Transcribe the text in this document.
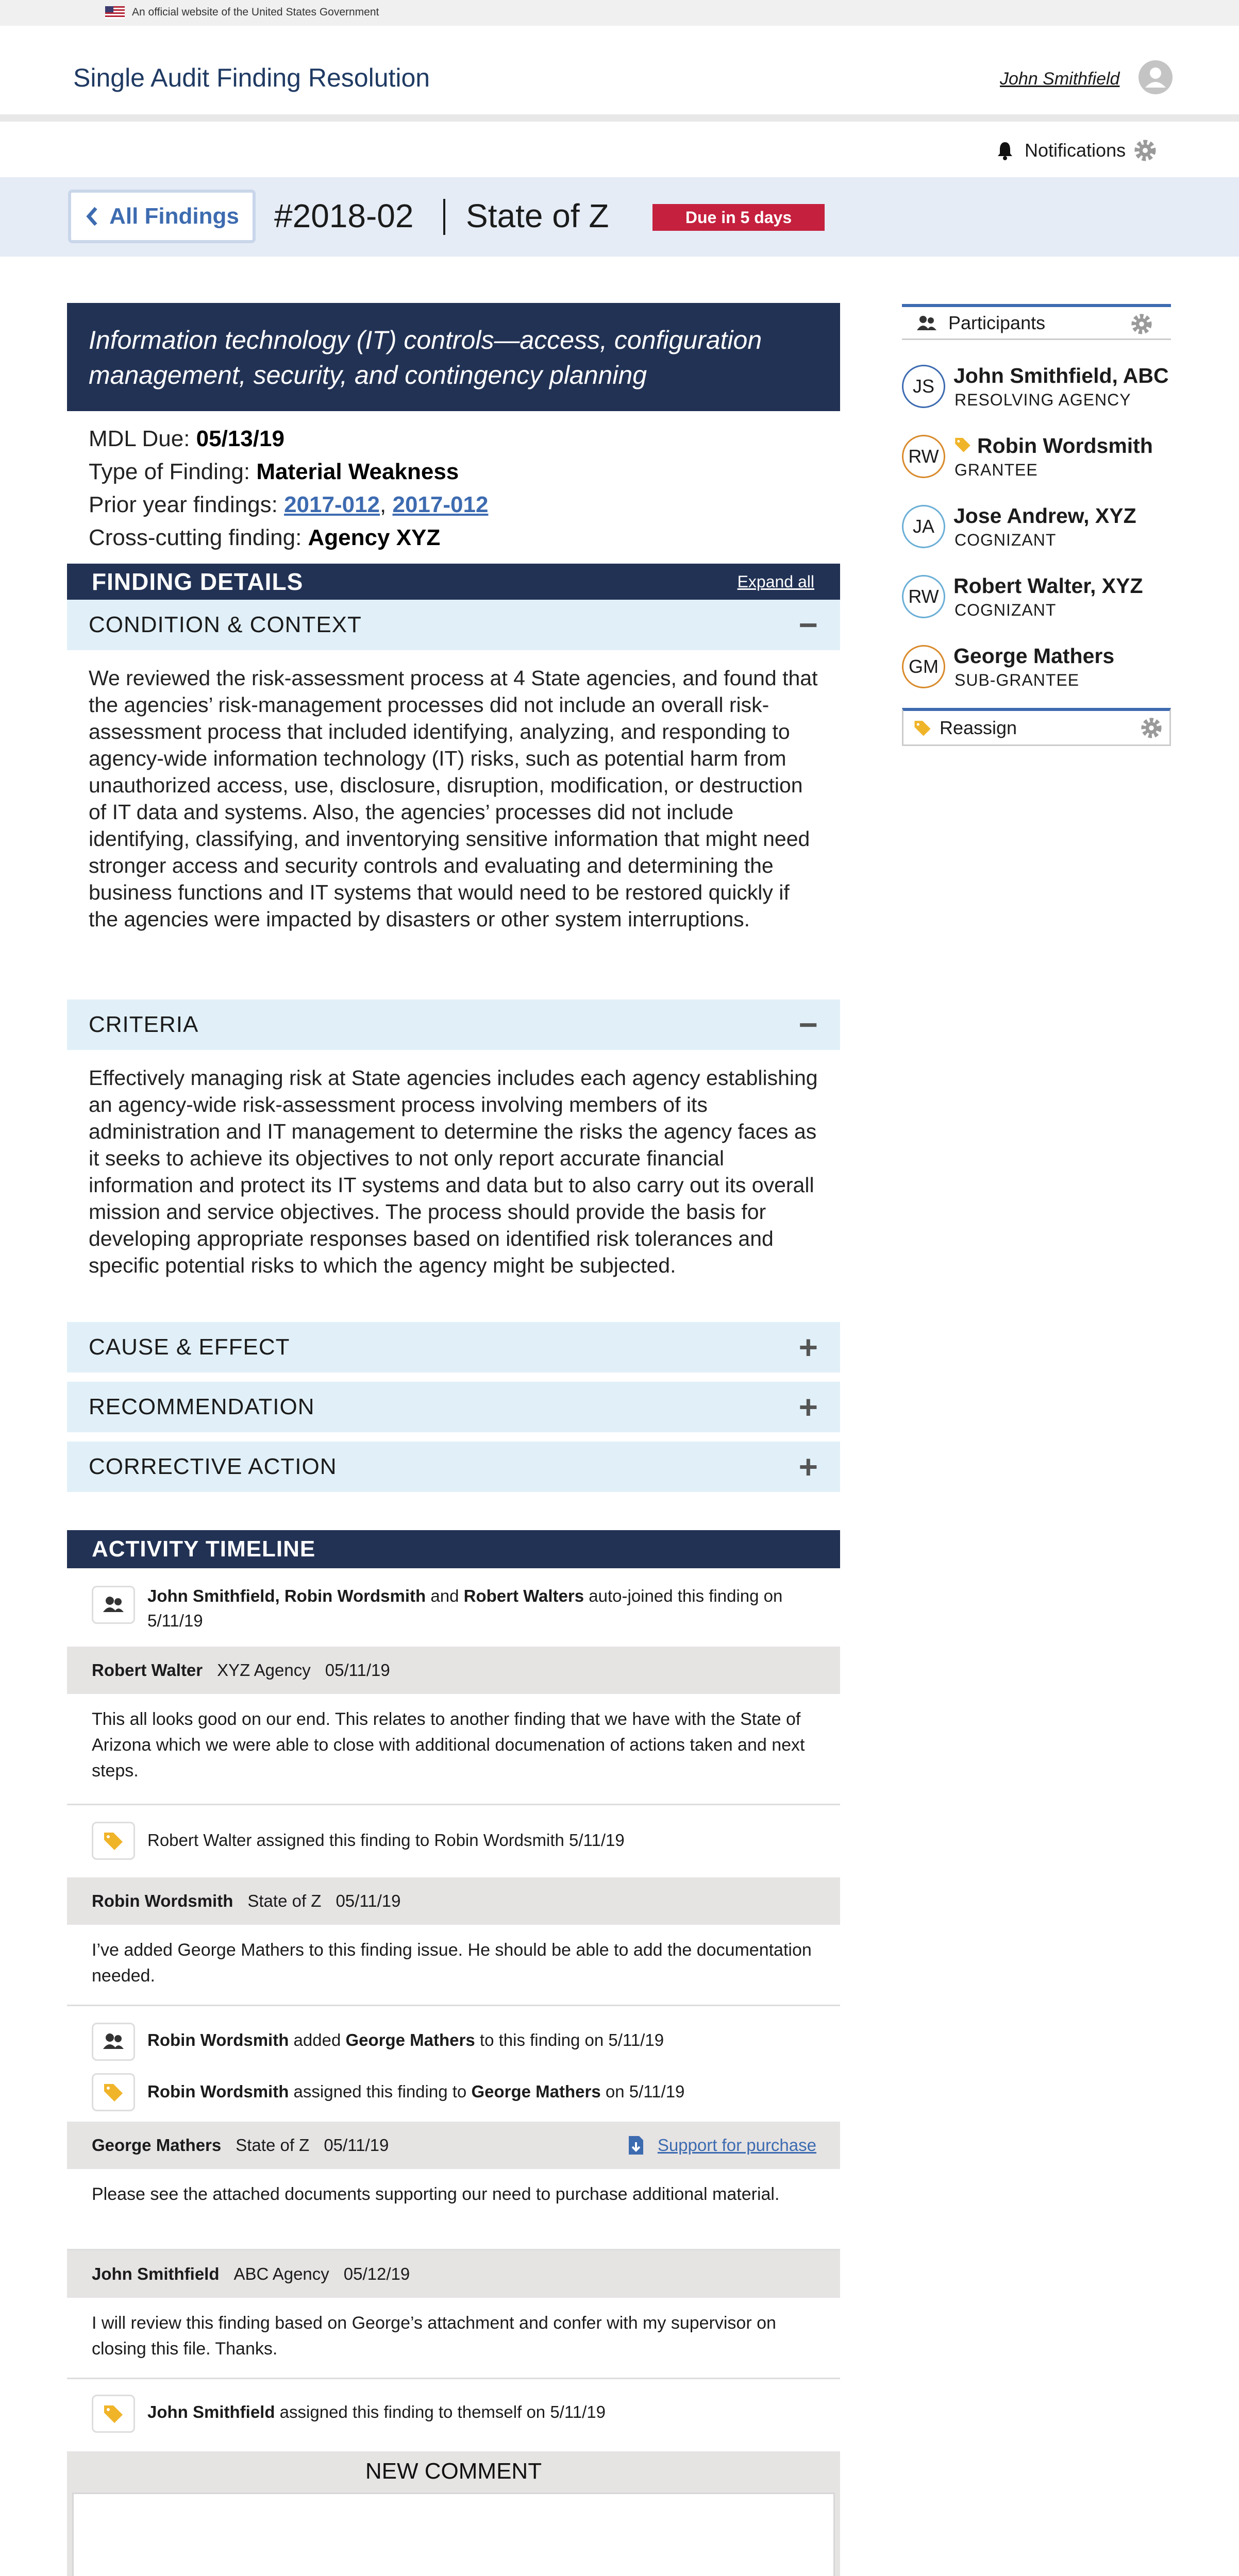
An official website of the United States Government
Single Audit Finding Resolution	John Smithfield
Notifications
All Findings #2018-02 State of Z	Due in 5 days
Information technology (IT) controls—access, configuration management, security, and contingency planning
MDL Due: 05/13/19
Type of Finding: Material Weakness
Prior year findings: 2017-012, 2017-012
Cross-cutting finding: Agency XYZ
FINDING DETAILS	Expand all
CONDITION & CONTEXT	−
We reviewed the risk-assessment process at 4 State agencies, and found that the agencies’ risk-management processes did not include an overall risk-assessment process that included identifying, analyzing, and responding to agency-wide information technology (IT) risks, such as potential harm from unauthorized access, use, disclosure, disruption, modification, or destruction of IT data and systems. Also, the agencies’ processes did not include identifying, classifying, and inventorying sensitive information that might need stronger access and security controls and evaluating and determining the business functions and IT systems that would need to be restored quickly if the agencies were impacted by disasters or other system interruptions.
CRITERIA	−
Effectively managing risk at State agencies includes each agency establishing an agency-wide risk-assessment process involving members of its administration and IT management to determine the risks the agency faces as it seeks to achieve its objectives to not only report accurate financial information and protect its IT systems and data but to also carry out its overall mission and service objectives. The process should provide the basis for developing appropriate responses based on identified risk tolerances and specific potential risks to which the agency might be subjected.
CAUSE & EFFECT	+
RECOMMENDATION	+
CORRECTIVE ACTION	+
ACTIVITY TIMELINE
John Smithfield, Robin Wordsmith and Robert Walters auto-joined this finding on 5/11/19
Robert Walter XYZ Agency 05/11/19
This all looks good on our end. This relates to another finding that we have with the State of Arizona which we were able to close with additional documenation of actions taken and next steps.
Robert Walter assigned this finding to Robin Wordsmith 5/11/19
Robin Wordsmith State of Z 05/11/19
I’ve added George Mathers to this finding issue. He should be able to add the documentation needed.
Robin Wordsmith added George Mathers to this finding on 5/11/19
Robin Wordsmith assigned this finding to George Mathers on 5/11/19
George Mathers State of Z 05/11/19	Support for purchase
Please see the attached documents supporting our need to purchase additional material.
John Smithfield ABC Agency 05/12/19
I will review this finding based on George’s attachment and confer with my supervisor on closing this file. Thanks.
John Smithfield assigned this finding to themself on 5/11/19
NEW COMMENT
Participants
JS John Smithfield, ABC
RESOLVING AGENCY
RW	Robin Wordsmith
GRANTEE
JA Jose Andrew, XYZ
COGNIZANT
RW Robert Walter, XYZ
COGNIZANT
GM George Mathers
SUB-GRANTEE
Reassign
